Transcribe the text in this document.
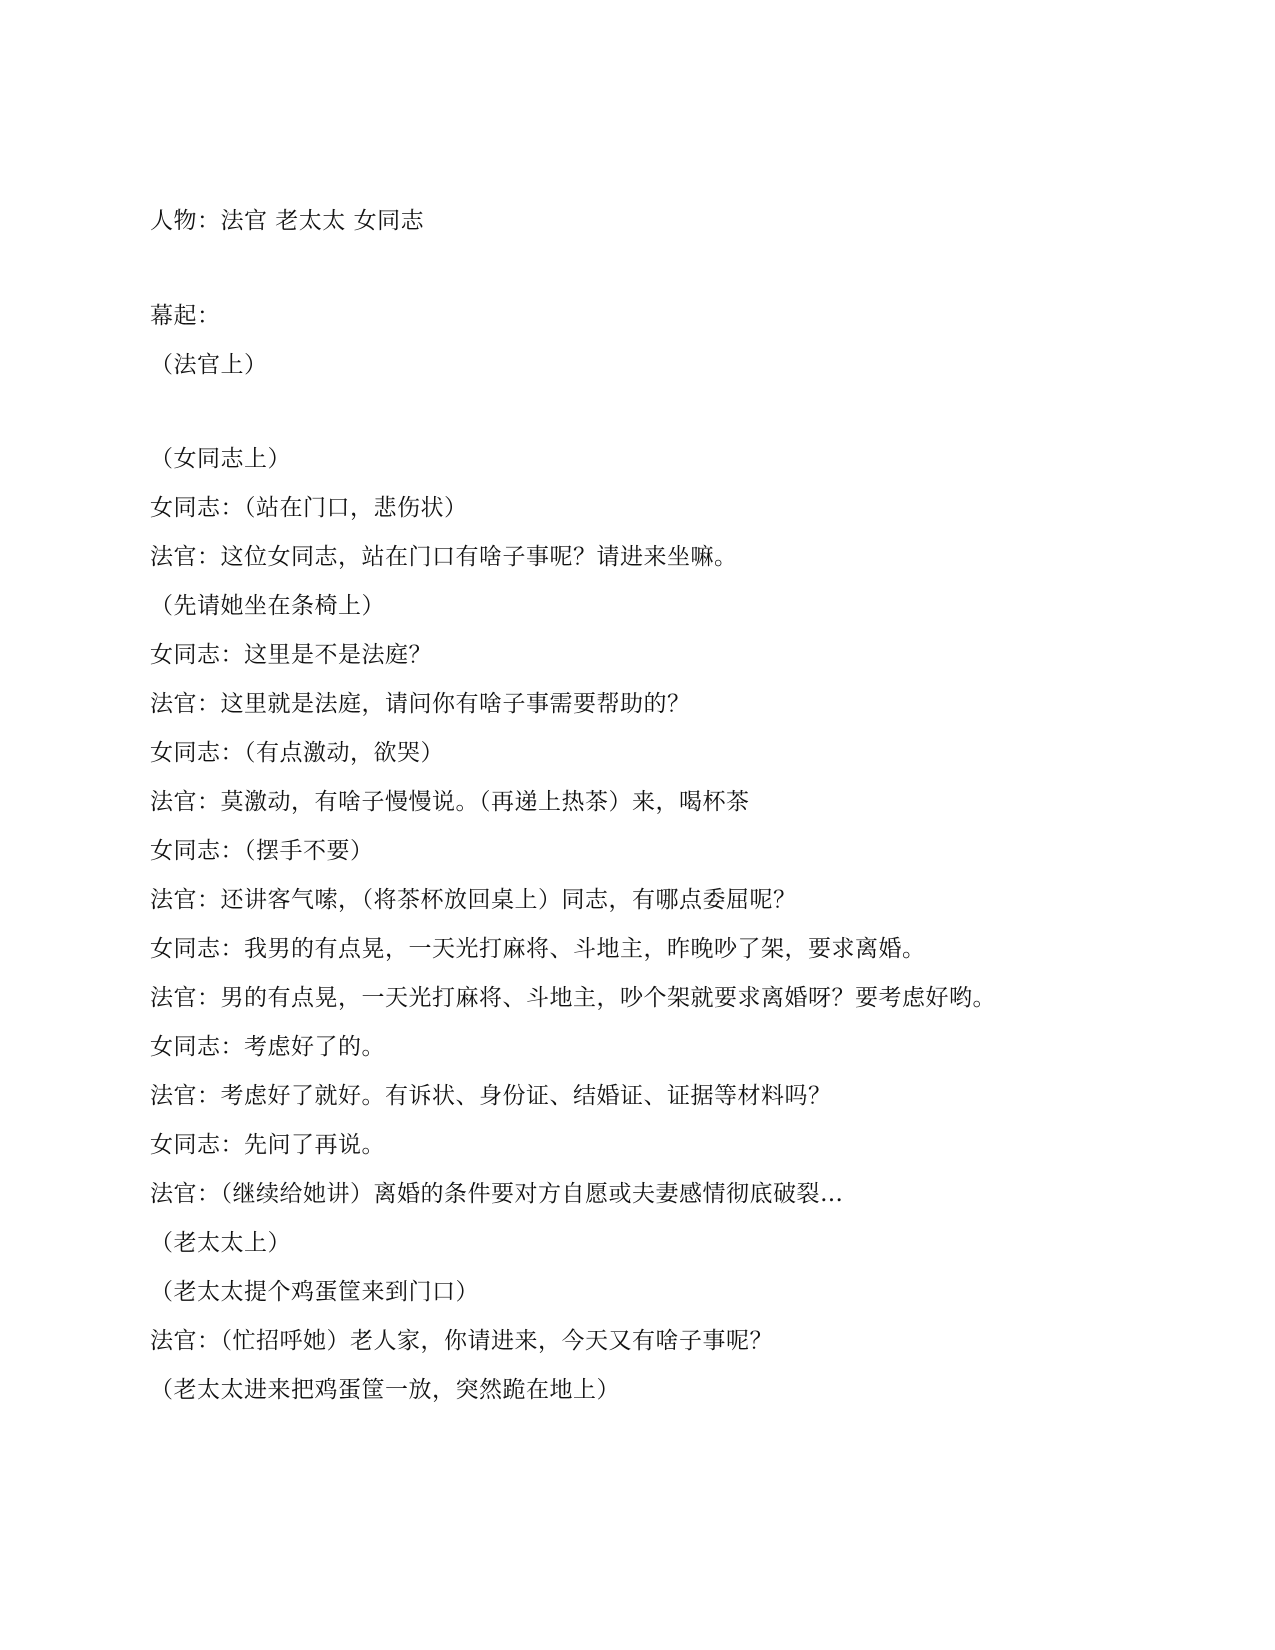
人物：法官 老太太 女同志
幕起：
（法官上）
（女同志上）
女同志：（站在门口，悲伤状）
法官：这位女同志，站在门口有啥子事呢？请进来坐嘛。
（先请她坐在条椅上）
女同志：这里是不是法庭？
法官：这里就是法庭，请问你有啥子事需要帮助的？
女同志：（有点激动，欲哭）
法官：莫激动，有啥子慢慢说。（再递上热茶）来，喝杯茶
女同志：（摆手不要）
法官：还讲客气嗦，（将茶杯放回桌上）同志，有哪点委屈呢？
女同志：我男的有点晃，一天光打麻将、斗地主，昨晚吵了架，要求离婚。
法官：男的有点晃，一天光打麻将、斗地主，吵个架就要求离婚呀？要考虑好哟。
女同志：考虑好了的。
法官：考虑好了就好。有诉状、身份证、结婚证、证据等材料吗？
女同志：先问了再说。
法官：（继续给她讲）离婚的条件要对方自愿或夫妻感情彻底破裂…
（老太太上）
（老太太提个鸡蛋筐来到门口）
法官：（忙招呼她）老人家，你请进来，今天又有啥子事呢？
（老太太进来把鸡蛋筐一放，突然跪在地上）
